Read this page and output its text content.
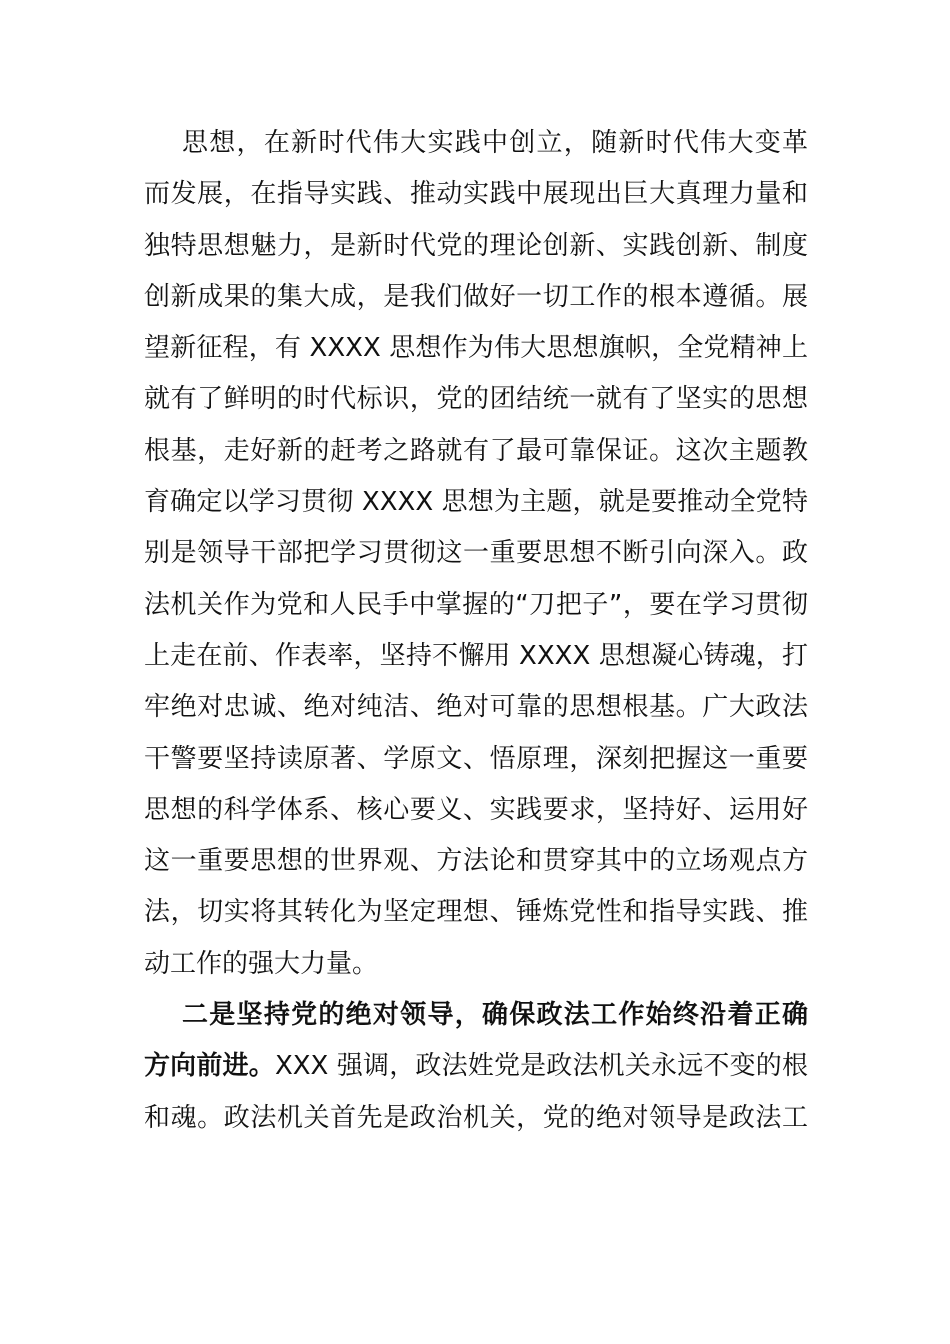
思想，在新时代伟大实践中创立，随新时代伟大变革
而发展，在指导实践、推动实践中展现出巨大真理力量和
独特思想魅力，是新时代党的理论创新、实践创新、制度
创新成果的集大成，是我们做好一切工作的根本遵循。展
望新征程，有 XXXX 思想作为伟大思想旗帜，全党精神上
就有了鲜明的时代标识，党的团结统一就有了坚实的思想
根基，走好新的赶考之路就有了最可靠保证。这次主题教
育确定以学习贯彻 XXXX 思想为主题，就是要推动全党特
别是领导干部把学习贯彻这一重要思想不断引向深入。政
法机关作为党和人民手中掌握的“刀把子”，要在学习贯彻
上走在前、作表率，坚持不懈用 XXXX 思想凝心铸魂，打
牢绝对忠诚、绝对纯洁、绝对可靠的思想根基。广大政法
干警要坚持读原著、学原文、悟原理，深刻把握这一重要
思想的科学体系、核心要义、实践要求，坚持好、运用好
这一重要思想的世界观、方法论和贯穿其中的立场观点方
法，切实将其转化为坚定理想、锤炼党性和指导实践、推
动工作的强大力量。
二是坚持党的绝对领导，确保政法工作始终沿着正确
方向前进。XXX 强调，政法姓党是政法机关永远不变的根
和魂。政法机关首先是政治机关，党的绝对领导是政法工
